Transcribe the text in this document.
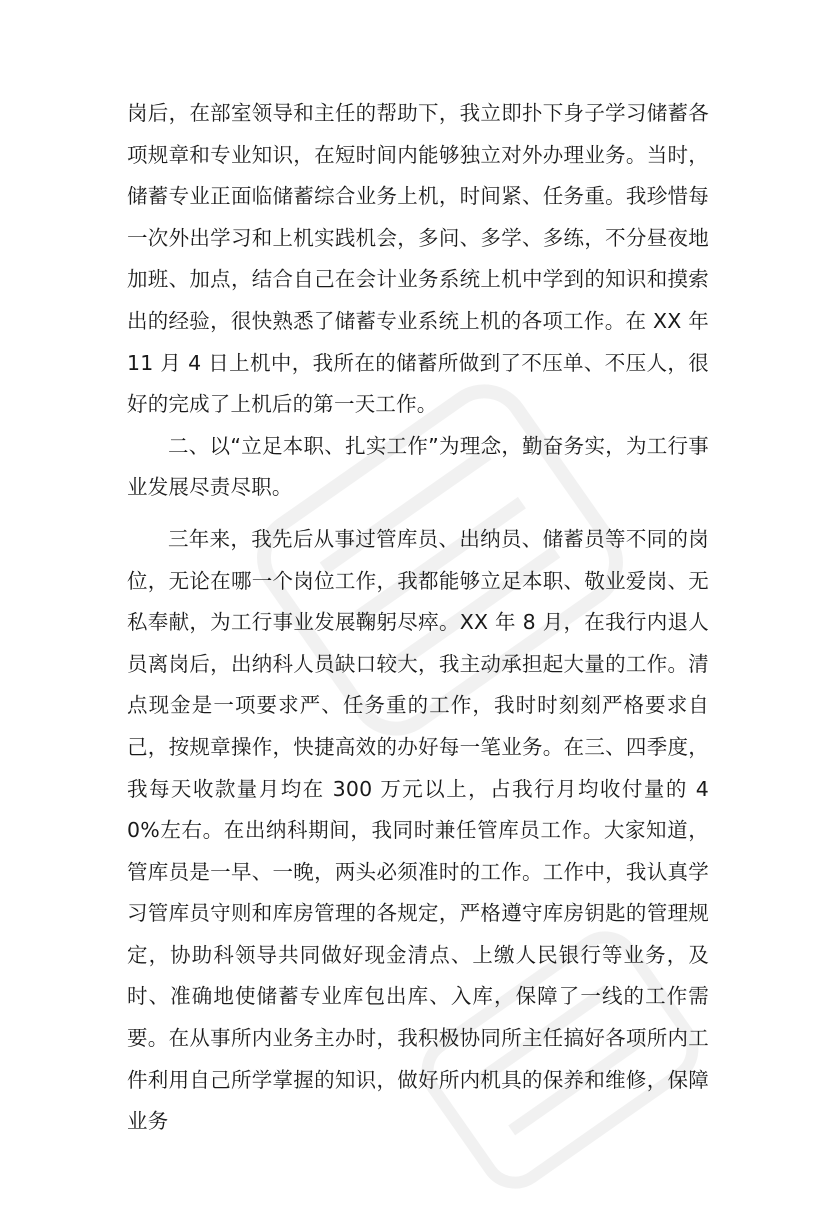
岗后，在部室领导和主任的帮助下，我立即扑下身子学习储蓄各项规章和专业知识，在短时间内能够独立对外办理业务。当时，储蓄专业正面临储蓄综合业务上机，时间紧、任务重。我珍惜每一次外出学习和上机实践机会，多问、多学、多练，不分昼夜地加班、加点，结合自己在会计业务系统上机中学到的知识和摸索出的经验，很快熟悉了储蓄专业系统上机的各项工作。在 XX 年 11 月 4 日上机中，我所在的储蓄所做到了不压单、不压人，很好的完成了上机后的第一天工作。

二、以“立足本职、扎实工作”为理念，勤奋务实，为工行事业发展尽责尽职。

三年来，我先后从事过管库员、出纳员、储蓄员等不同的岗位，无论在哪一个岗位工作，我都能够立足本职、敬业爱岗、无私奉献，为工行事业发展鞠躬尽瘁。XX 年 8 月，在我行内退人员离岗后，出纳科人员缺口较大，我主动承担起大量的工作。清点现金是一项要求严、任务重的工作，我时时刻刻严格要求自己，按规章操作，快捷高效的办好每一笔业务。在三、四季度，我每天收款量月均在 300 万元以上，占我行月均收付量的 40%左右。在出纳科期间，我同时兼任管库员工作。大家知道，管库员是一早、一晚，两头必须准时的工作。工作中，我认真学习管库员守则和库房管理的各规定，严格遵守库房钥匙的管理规定，协助科领导共同做好现金清点、上缴人民银行等业务，及时、准确地使储蓄专业库包出库、入库，保障了一线的工作需要。在从事所内业务主办时，我积极协同所主任搞好各项所内工件利用自己所学掌握的知识，做好所内机具的保养和维修，保障业务
